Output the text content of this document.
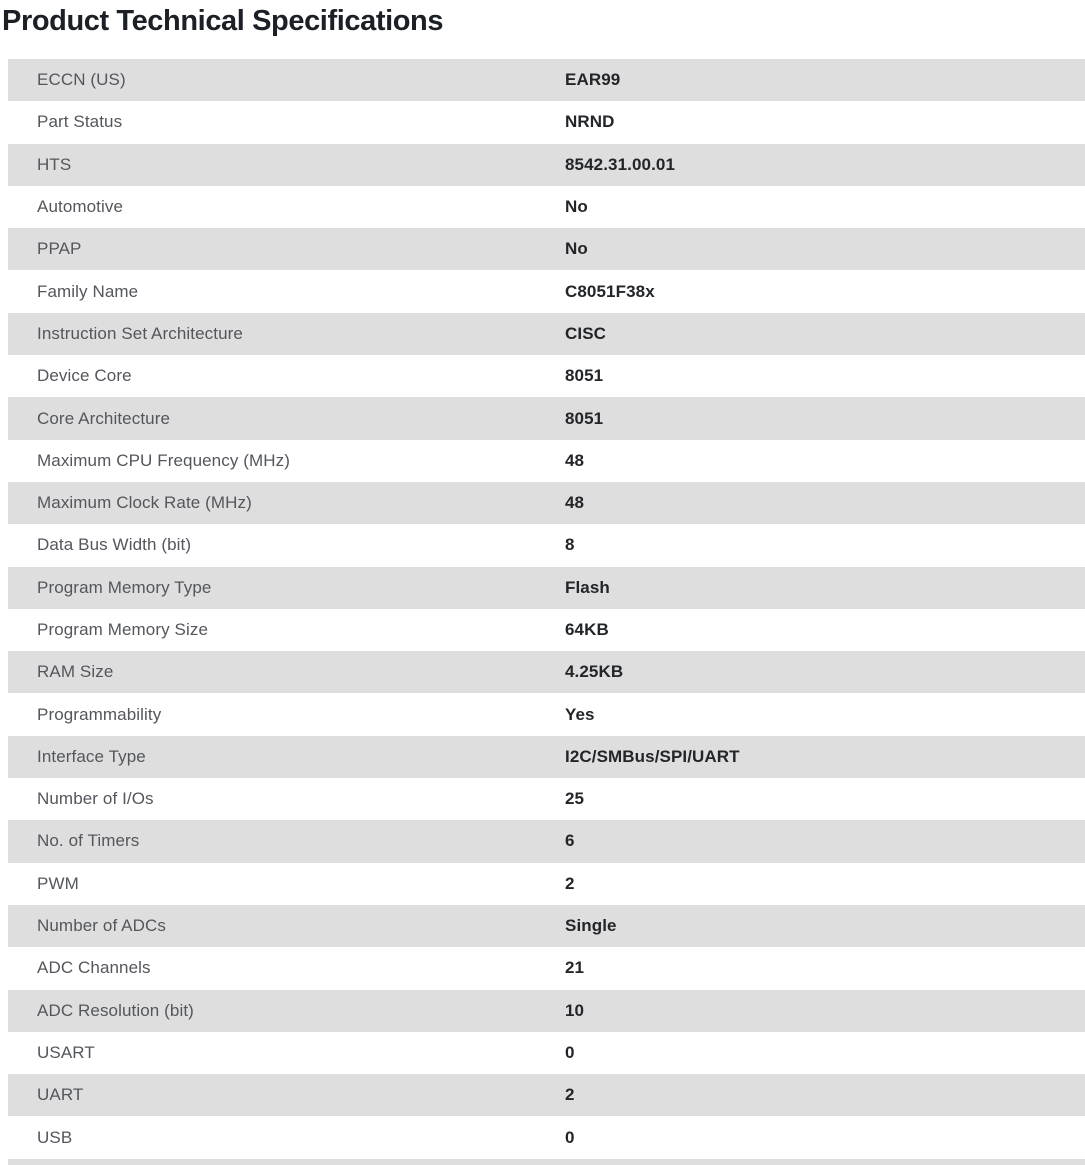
Product Technical Specifications
ECCN (US)	EAR99
Part Status	NRND
HTS	8542.31.00.01
Automotive	No
PPAP	No
Family Name	C8051F38x
Instruction Set Architecture	CISC
Device Core	8051
Core Architecture	8051
Maximum CPU Frequency (MHz)	48
Maximum Clock Rate (MHz)	48
Data Bus Width (bit)	8
Program Memory Type	Flash
Program Memory Size	64KB
RAM Size	4.25KB
Programmability	Yes
Interface Type	I2C/SMBus/SPI/UART
Number of I/Os	25
No. of Timers	6
PWM	2
Number of ADCs	Single
ADC Channels	21
ADC Resolution (bit)	10
USART	0
UART	2
USB	0
